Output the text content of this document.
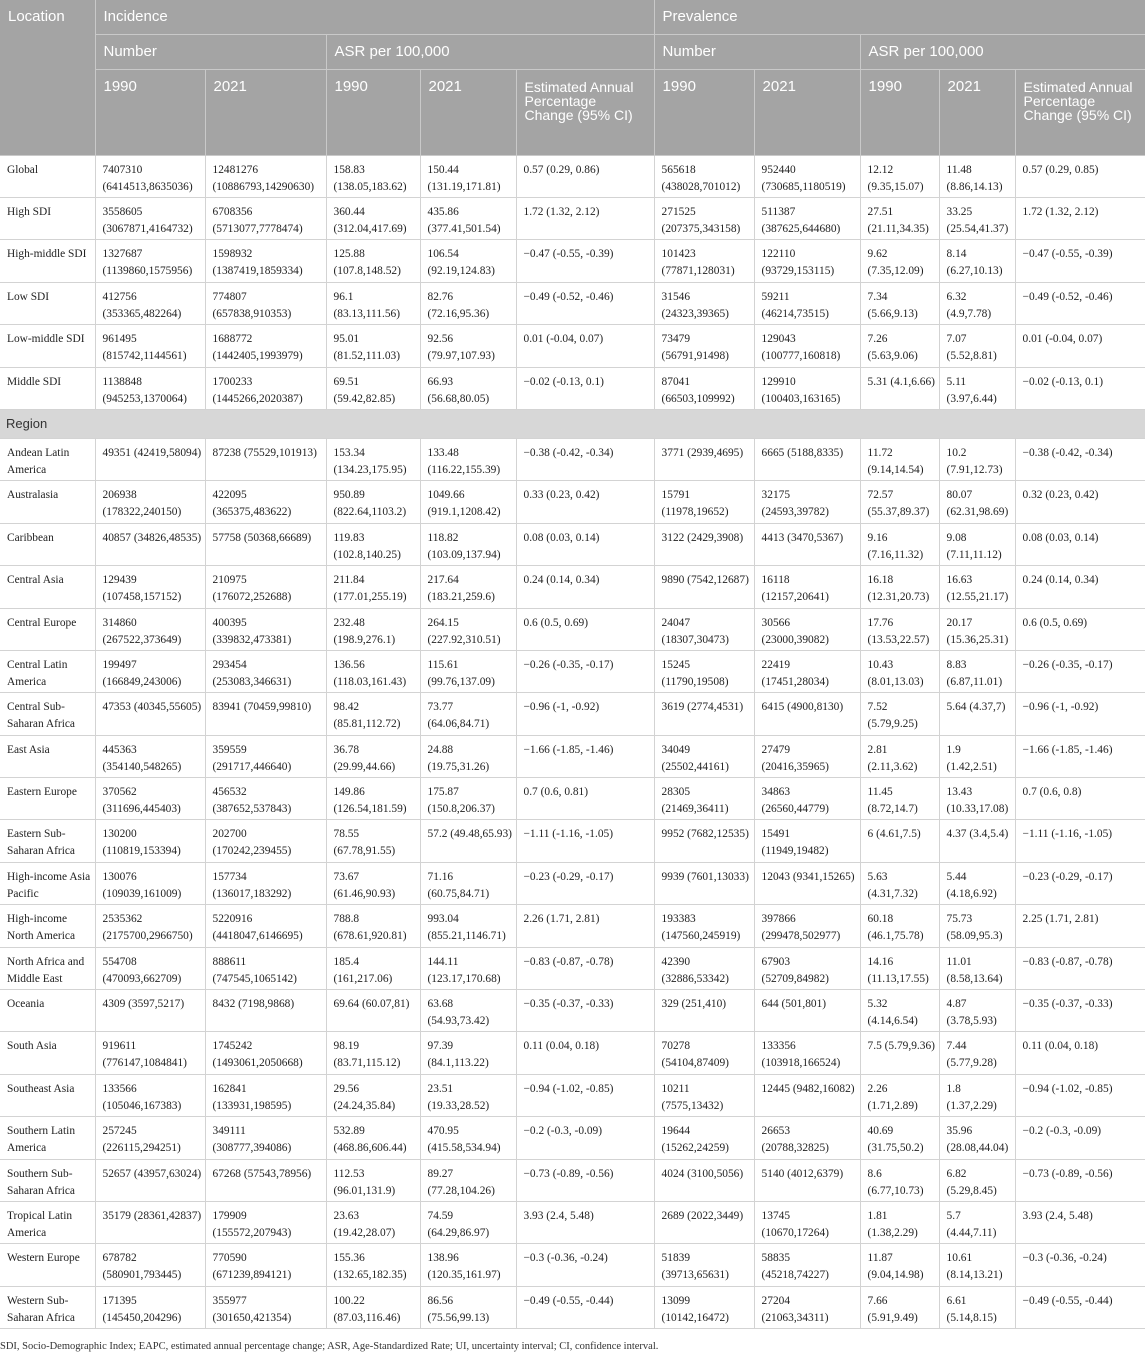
Location	Incidence					Prevalence				
	Number		ASR per 100,000			Number		ASR per 100,000		
	1990	2021	1990	2021	Estimated Annual Percentage Change (95% CI)	1990	2021	1990	2021	Estimated Annual Percentage Change (95% CI)
Global	7407310 (6414513,8635036)	12481276 (10886793,14290630)	158.83 (138.05,183.62)	150.44 (131.19,171.81)	0.57 (0.29, 0.86)	565618 (438028,701012)	952440 (730685,1180519)	12.12 (9.35,15.07)	11.48 (8.86,14.13)	0.57 (0.29, 0.85)
High SDI	3558605 (3067871,4164732)	6708356 (5713077,7778474)	360.44 (312.04,417.69)	435.86 (377.41,501.54)	1.72 (1.32, 2.12)	271525 (207375,343158)	511387 (387625,644680)	27.51 (21.11,34.35)	33.25 (25.54,41.37)	1.72 (1.32, 2.12)
High-middle SDI	1327687 (1139860,1575956)	1598932 (1387419,1859334)	125.88 (107.8,148.52)	106.54 (92.19,124.83)	−0.47 (-0.55, -0.39)	101423 (77871,128031)	122110 (93729,153115)	9.62 (7.35,12.09)	8.14 (6.27,10.13)	−0.47 (-0.55, -0.39)
Low SDI	412756 (353365,482264)	774807 (657838,910353)	96.1 (83.13,111.56)	82.76 (72.16,95.36)	−0.49 (-0.52, -0.46)	31546 (24323,39365)	59211 (46214,73515)	7.34 (5.66,9.13)	6.32 (4.9,7.78)	−0.49 (-0.52, -0.46)
Low-middle SDI	961495 (815742,1144561)	1688772 (1442405,1993979)	95.01 (81.52,111.03)	92.56 (79.97,107.93)	0.01 (-0.04, 0.07)	73479 (56791,91498)	129043 (100777,160818)	7.26 (5.63,9.06)	7.07 (5.52,8.81)	0.01 (-0.04, 0.07)
Middle SDI	1138848 (945253,1370064)	1700233 (1445266,2020387)	69.51 (59.42,82.85)	66.93 (56.68,80.05)	−0.02 (-0.13, 0.1)	87041 (66503,109992)	129910 (100403,163165)	5.31 (4.1,6.66)	5.11 (3.97,6.44)	−0.02 (-0.13, 0.1)
Region										
Andean Latin America	49351 (42419,58094)	87238 (75529,101913)	153.34 (134.23,175.95)	133.48 (116.22,155.39)	−0.38 (-0.42, -0.34)	3771 (2939,4695)	6665 (5188,8335)	11.72 (9.14,14.54)	10.2 (7.91,12.73)	−0.38 (-0.42, -0.34)
Australasia	206938 (178322,240150)	422095 (365375,483622)	950.89 (822.64,1103.2)	1049.66 (919.1,1208.42)	0.33 (0.23, 0.42)	15791 (11978,19652)	32175 (24593,39782)	72.57 (55.37,89.37)	80.07 (62.31,98.69)	0.32 (0.23, 0.42)
Caribbean	40857 (34826,48535)	57758 (50368,66689)	119.83 (102.8,140.25)	118.82 (103.09,137.94)	0.08 (0.03, 0.14)	3122 (2429,3908)	4413 (3470,5367)	9.16 (7.16,11.32)	9.08 (7.11,11.12)	0.08 (0.03, 0.14)
Central Asia	129439 (107458,157152)	210975 (176072,252688)	211.84 (177.01,255.19)	217.64 (183.21,259.6)	0.24 (0.14, 0.34)	9890 (7542,12687)	16118 (12157,20641)	16.18 (12.31,20.73)	16.63 (12.55,21.17)	0.24 (0.14, 0.34)
Central Europe	314860 (267522,373649)	400395 (339832,473381)	232.48 (198.9,276.1)	264.15 (227.92,310.51)	0.6 (0.5, 0.69)	24047 (18307,30473)	30566 (23000,39082)	17.76 (13.53,22.57)	20.17 (15.36,25.31)	0.6 (0.5, 0.69)
Central Latin America	199497 (166849,243006)	293454 (253083,346631)	136.56 (118.03,161.43)	115.61 (99.76,137.09)	−0.26 (-0.35, -0.17)	15245 (11790,19508)	22419 (17451,28034)	10.43 (8.01,13.03)	8.83 (6.87,11.01)	−0.26 (-0.35, -0.17)
Central Sub-Saharan Africa	47353 (40345,55605)	83941 (70459,99810)	98.42 (85.81,112.72)	73.77 (64.06,84.71)	−0.96 (-1, -0.92)	3619 (2774,4531)	6415 (4900,8130)	7.52 (5.79,9.25)	5.64 (4.37,7)	−0.96 (-1, -0.92)
East Asia	445363 (354140,548265)	359559 (291717,446640)	36.78 (29.99,44.66)	24.88 (19.75,31.26)	−1.66 (-1.85, -1.46)	34049 (25502,44161)	27479 (20416,35965)	2.81 (2.11,3.62)	1.9 (1.42,2.51)	−1.66 (-1.85, -1.46)
Eastern Europe	370562 (311696,445403)	456532 (387652,537843)	149.86 (126.54,181.59)	175.87 (150.8,206.37)	0.7 (0.6, 0.81)	28305 (21469,36411)	34863 (26560,44779)	11.45 (8.72,14.7)	13.43 (10.33,17.08)	0.7 (0.6, 0.8)
Eastern Sub-Saharan Africa	130200 (110819,153394)	202700 (170242,239455)	78.55 (67.78,91.55)	57.2 (49.48,65.93)	−1.11 (-1.16, -1.05)	9952 (7682,12535)	15491 (11949,19482)	6 (4.61,7.5)	4.37 (3.4,5.4)	−1.11 (-1.16, -1.05)
High-income Asia Pacific	130076 (109039,161009)	157734 (136017,183292)	73.67 (61.46,90.93)	71.16 (60.75,84.71)	−0.23 (-0.29, -0.17)	9939 (7601,13033)	12043 (9341,15265)	5.63 (4.31,7.32)	5.44 (4.18,6.92)	−0.23 (-0.29, -0.17)
High-income North America	2535362 (2175700,2966750)	5220916 (4418047,6146695)	788.8 (678.61,920.81)	993.04 (855.21,1146.71)	2.26 (1.71, 2.81)	193383 (147560,245919)	397866 (299478,502977)	60.18 (46.1,75.78)	75.73 (58.09,95.3)	2.25 (1.71, 2.81)
North Africa and Middle East	554708 (470093,662709)	888611 (747545,1065142)	185.4 (161,217.06)	144.11 (123.17,170.68)	−0.83 (-0.87, -0.78)	42390 (32886,53342)	67903 (52709,84982)	14.16 (11.13,17.55)	11.01 (8.58,13.64)	−0.83 (-0.87, -0.78)
Oceania	4309 (3597,5217)	8432 (7198,9868)	69.64 (60.07,81)	63.68 (54.93,73.42)	−0.35 (-0.37, -0.33)	329 (251,410)	644 (501,801)	5.32 (4.14,6.54)	4.87 (3.78,5.93)	−0.35 (-0.37, -0.33)
South Asia	919611 (776147,1084841)	1745242 (1493061,2050668)	98.19 (83.71,115.12)	97.39 (84.1,113.22)	0.11 (0.04, 0.18)	70278 (54104,87409)	133356 (103918,166524)	7.5 (5.79,9.36)	7.44 (5.77,9.28)	0.11 (0.04, 0.18)
Southeast Asia	133566 (105046,167383)	162841 (133931,198595)	29.56 (24.24,35.84)	23.51 (19.33,28.52)	−0.94 (-1.02, -0.85)	10211 (7575,13432)	12445 (9482,16082)	2.26 (1.71,2.89)	1.8 (1.37,2.29)	−0.94 (-1.02, -0.85)
Southern Latin America	257245 (226115,294251)	349111 (308777,394086)	532.89 (468.86,606.44)	470.95 (415.58,534.94)	−0.2 (-0.3, -0.09)	19644 (15262,24259)	26653 (20788,32825)	40.69 (31.75,50.2)	35.96 (28.08,44.04)	−0.2 (-0.3, -0.09)
Southern Sub-Saharan Africa	52657 (43957,63024)	67268 (57543,78956)	112.53 (96.01,131.9)	89.27 (77.28,104.26)	−0.73 (-0.89, -0.56)	4024 (3100,5056)	5140 (4012,6379)	8.6 (6.77,10.73)	6.82 (5.29,8.45)	−0.73 (-0.89, -0.56)
Tropical Latin America	35179 (28361,42837)	179909 (155572,207943)	23.63 (19.42,28.07)	74.59 (64.29,86.97)	3.93 (2.4, 5.48)	2689 (2022,3449)	13745 (10670,17264)	1.81 (1.38,2.29)	5.7 (4.44,7.11)	3.93 (2.4, 5.48)
Western Europe	678782 (580901,793445)	770590 (671239,894121)	155.36 (132.65,182.35)	138.96 (120.35,161.97)	−0.3 (-0.36, -0.24)	51839 (39713,65631)	58835 (45218,74227)	11.87 (9.04,14.98)	10.61 (8.14,13.21)	−0.3 (-0.36, -0.24)
Western Sub-Saharan Africa	171395 (145450,204296)	355977 (301650,421354)	100.22 (87.03,116.46)	86.56 (75.56,99.13)	−0.49 (-0.55, -0.44)	13099 (10142,16472)	27204 (21063,34311)	7.66 (5.91,9.49)	6.61 (5.14,8.15)	−0.49 (-0.55, -0.44)
SDI, Socio-Demographic Index; EAPC, estimated annual percentage change; ASR, Age-Standardized Rate; UI, uncertainty interval; CI, confidence interval.
